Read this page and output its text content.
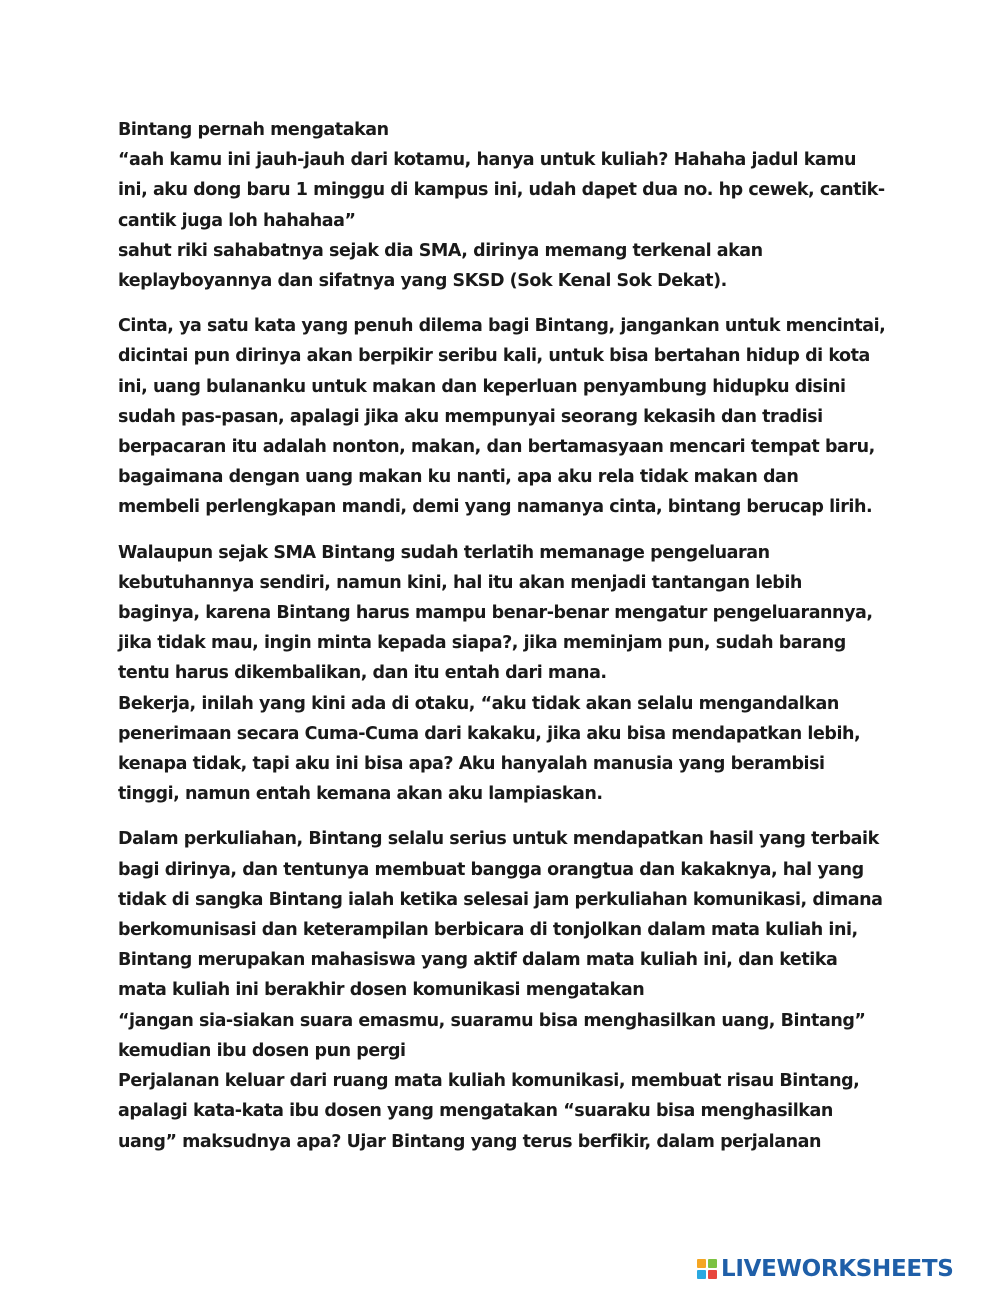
Bintang pernah mengatakan
“aah kamu ini jauh-jauh dari kotamu, hanya untuk kuliah? Hahaha jadul kamu
ini, aku dong baru 1 minggu di kampus ini, udah dapet dua no. hp cewek, cantik-
cantik juga loh hahahaa”
sahut riki sahabatnya sejak dia SMA, dirinya memang terkenal akan
keplayboyannya dan sifatnya yang SKSD (Sok Kenal Sok Dekat).
Cinta, ya satu kata yang penuh dilema bagi Bintang, jangankan untuk mencintai,
dicintai pun dirinya akan berpikir seribu kali, untuk bisa bertahan hidup di kota
ini, uang bulananku untuk makan dan keperluan penyambung hidupku disini
sudah pas-pasan, apalagi jika aku mempunyai seorang kekasih dan tradisi
berpacaran itu adalah nonton, makan, dan bertamasyaan mencari tempat baru,
bagaimana dengan uang makan ku nanti, apa aku rela tidak makan dan
membeli perlengkapan mandi, demi yang namanya cinta, bintang berucap lirih.
Walaupun sejak SMA Bintang sudah terlatih memanage pengeluaran
kebutuhannya sendiri, namun kini, hal itu akan menjadi tantangan lebih
baginya, karena Bintang harus mampu benar-benar mengatur pengeluarannya,
jika tidak mau, ingin minta kepada siapa?, jika meminjam pun, sudah barang
tentu harus dikembalikan, dan itu entah dari mana.
Bekerja, inilah yang kini ada di otaku, “aku tidak akan selalu mengandalkan
penerimaan secara Cuma-Cuma dari kakaku, jika aku bisa mendapatkan lebih,
kenapa tidak, tapi aku ini bisa apa? Aku hanyalah manusia yang berambisi
tinggi, namun entah kemana akan aku lampiaskan.
Dalam perkuliahan, Bintang selalu serius untuk mendapatkan hasil yang terbaik
bagi dirinya, dan tentunya membuat bangga orangtua dan kakaknya, hal yang
tidak di sangka Bintang ialah ketika selesai jam perkuliahan komunikasi, dimana
berkomunisasi dan keterampilan berbicara di tonjolkan dalam mata kuliah ini,
Bintang merupakan mahasiswa yang aktif dalam mata kuliah ini, dan ketika
mata kuliah ini berakhir dosen komunikasi mengatakan
“jangan sia-siakan suara emasmu, suaramu bisa menghasilkan uang, Bintang”
kemudian ibu dosen pun pergi
Perjalanan keluar dari ruang mata kuliah komunikasi, membuat risau Bintang,
apalagi kata-kata ibu dosen yang mengatakan “suaraku bisa menghasilkan
uang” maksudnya apa? Ujar Bintang yang terus berfikir, dalam perjalanan
LIVEWORKSHEETS
